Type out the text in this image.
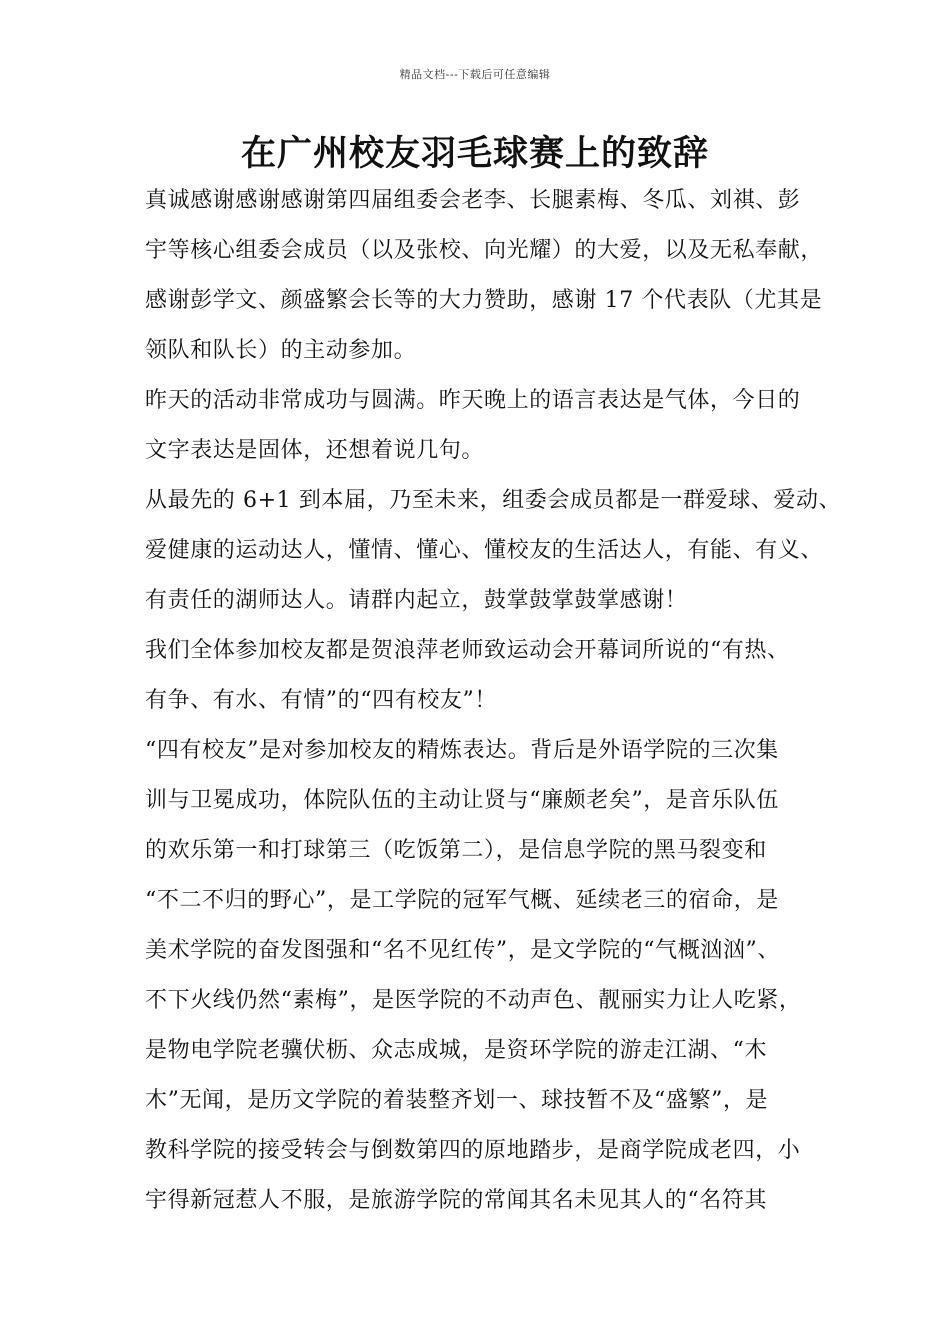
精品文档---下载后可任意编辑
在广州校友羽毛球赛上的致辞
真诚感谢感谢感谢第四届组委会老李、长腿素梅、冬瓜、刘祺、彭
宇等核心组委会成员（以及张校、向光耀）的大爱，以及无私奉献，
感谢彭学文、颜盛繁会长等的大力赞助，感谢 17 个代表队（尤其是
领队和队长）的主动参加。
昨天的活动非常成功与圆满。昨天晚上的语言表达是气体，今日的
文字表达是固体，还想着说几句。
从最先的 6+1 到本届，乃至未来，组委会成员都是一群爱球、爱动、
爱健康的运动达人，懂情、懂心、懂校友的生活达人，有能、有义、
有责任的湖师达人。请群内起立，鼓掌鼓掌鼓掌感谢！
我们全体参加校友都是贺浪萍老师致运动会开幕词所说的“有热、
有争、有水、有情”的“四有校友”！
“四有校友”是对参加校友的精炼表达。背后是外语学院的三次集
训与卫冕成功，体院队伍的主动让贤与“廉颇老矣”，是音乐队伍
的欢乐第一和打球第三（吃饭第二），是信息学院的黑马裂变和
“不二不归的野心”，是工学院的冠军气概、延续老三的宿命，是
美术学院的奋发图强和“名不见红传”，是文学院的“气概汹汹”、
不下火线仍然“素梅”，是医学院的不动声色、靓丽实力让人吃紧，
是物电学院老骥伏枥、众志成城，是资环学院的游走江湖、“木
木”无闻，是历文学院的着装整齐划一、球技暂不及“盛繁”，是
教科学院的接受转会与倒数第四的原地踏步，是商学院成老四，小
宇得新冠惹人不服，是旅游学院的常闻其名未见其人的“名符其
